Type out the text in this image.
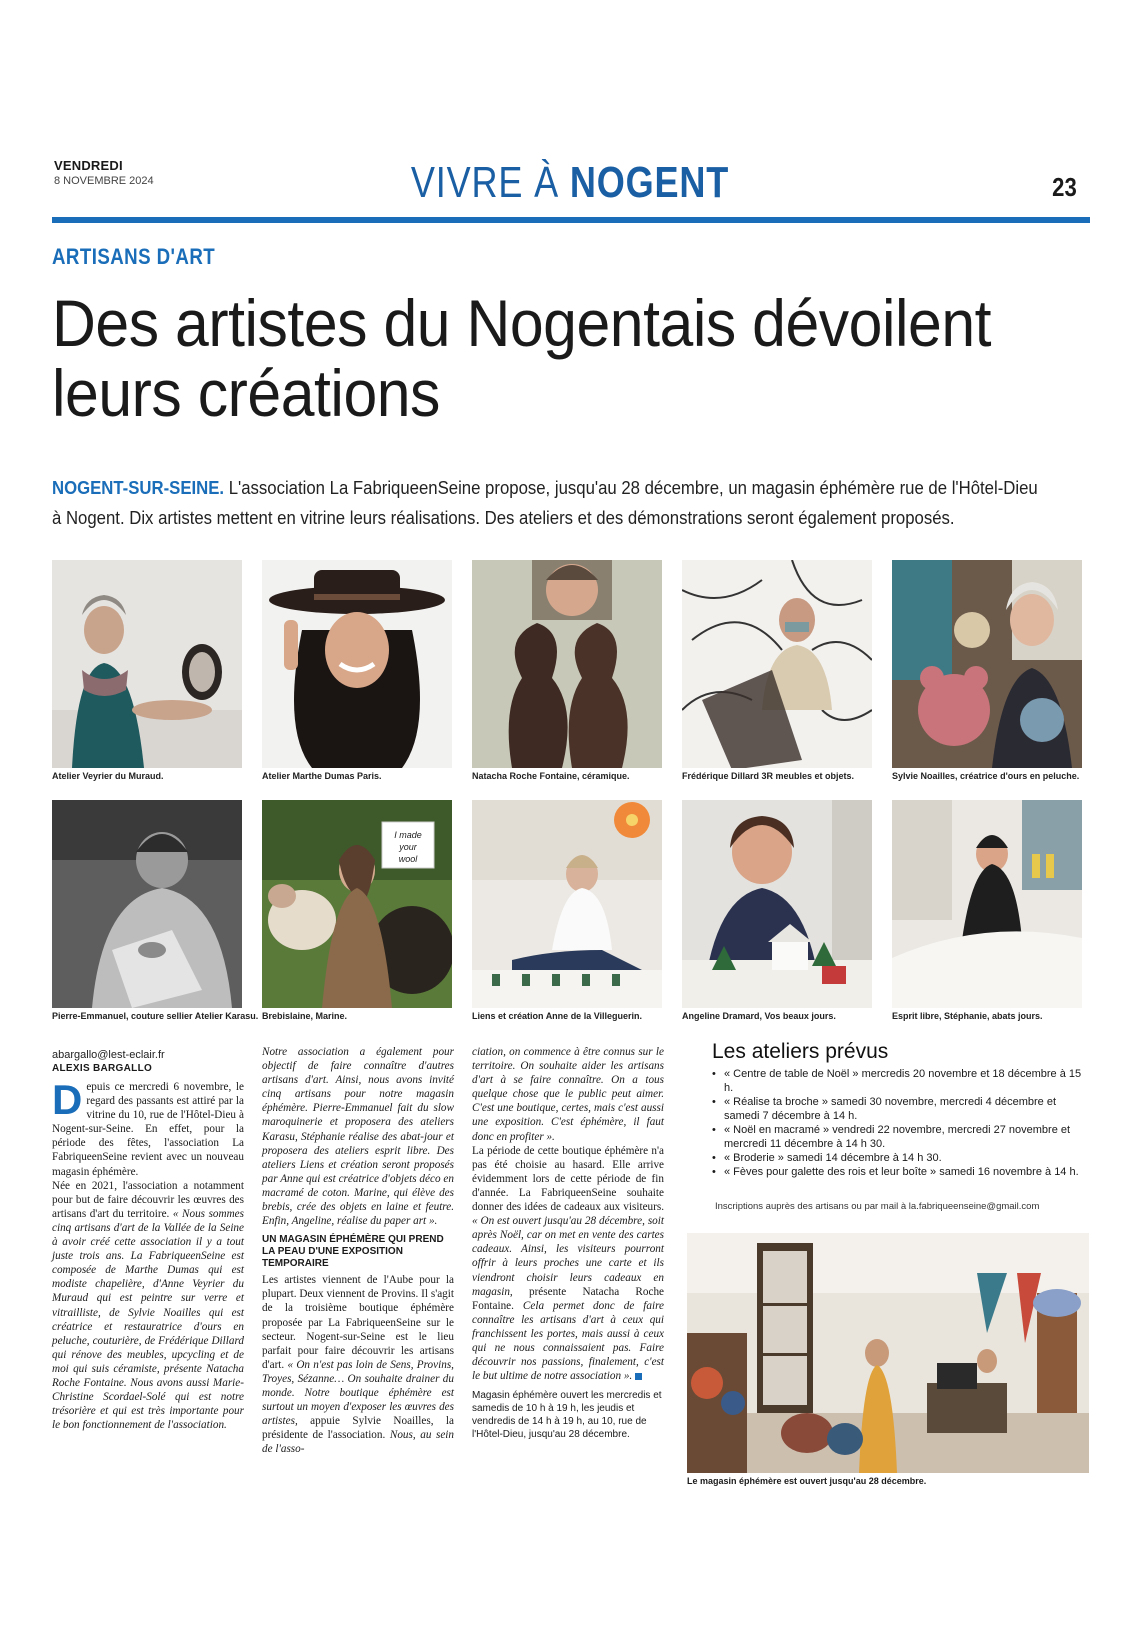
VENDREDI
8 NOVEMBRE 2024	VIVRE À NOGENT	23
ARTISANS D'ART
Des artistes du Nogentais dévoilent leurs créations
NOGENT-SUR-SEINE. L'association La FabriqueenSeine propose, jusqu'au 28 décembre, un magasin éphémère rue de l'Hôtel-Dieu à Nogent. Dix artistes mettent en vitrine leurs réalisations. Des ateliers et des démonstrations seront également proposés.
Atelier Veyrier du Muraud.	Atelier Marthe Dumas Paris.	Natacha Roche Fontaine, céramique.	Frédérique Dillard 3R meubles et objets.	Sylvie Noailles, créatrice d'ours en peluche.
I made
your
wool
Pierre-Emmanuel, couture sellier Atelier Karasu. Brebislaine, Marine.	Liens et création Anne de la Villeguerin.	Angeline Dramard, Vos beaux jours.	Esprit libre, Stéphanie, abats jours.
abargallo@lest-eclair.fr
ALEXIS BARGALLO

Depuis ce mercredi 6 novembre, le regard des passants est attiré par la vitrine du 10, rue de l'Hôtel-Dieu à Nogent-sur-Seine. En effet, pour la période des fêtes, l'association La FabriqueenSeine revient avec un nouveau magasin éphémère.

Née en 2021, l'association a notamment pour but de faire découvrir les œuvres des artisans d'art du territoire. « Nous sommes cinq artisans d'art de la Vallée de la Seine à avoir créé cette association il y a tout juste trois ans. La FabriqueenSeine est composée de Marthe Dumas qui est modiste chapelière, d'Anne Veyrier du Muraud qui est peintre sur verre et vitrailliste, de Sylvie Noailles qui est créatrice et restauratrice d'ours en peluche, couturière, de Frédérique Dillard qui rénove des meubles, upcycling et de moi qui suis céramiste, présente Natacha Roche Fontaine. Nous avons aussi Marie-Christine Scordael-Solé qui est notre trésorière et qui est très importante pour le bon fonctionnement de l'association.

Notre association a également pour objectif de faire connaître d'autres artisans d'art. Ainsi, nous avons invité cinq artisans pour notre magasin éphémère. Pierre-Emmanuel fait du slow maroquinerie et proposera des ateliers Karasu, Stéphanie réalise des abat-jour et proposera des ateliers esprit libre. Des ateliers Liens et création seront proposés par Anne qui est créatrice d'objets déco en macramé de coton. Marine, qui élève des brebis, crée des objets en laine et feutre. Enfin, Angeline, réalise du paper art ».

UN MAGASIN ÉPHÉMÈRE QUI PREND LA PEAU D'UNE EXPOSITION TEMPORAIRE

Les artistes viennent de l'Aube pour la plupart. Deux viennent de Provins. Il s'agit de la troisième boutique éphémère proposée par La FabriqueenSeine sur le secteur. Nogent-sur-Seine est le lieu parfait pour faire découvrir les artisans d'art. « On n'est pas loin de Sens, Provins, Troyes, Sézanne… On souhaite drainer du monde. Notre boutique éphémère est surtout un moyen d'exposer les œuvres des artistes, appuie Sylvie Noailles, la présidente de l'association. Nous, au sein de l'asso-

ciation, on commence à être connus sur le territoire. On souhaite aider les artisans d'art à se faire connaître. On a tous quelque chose que le public peut aimer. C'est une boutique, certes, mais c'est aussi une exposition. C'est éphémère, il faut donc en profiter ».

La période de cette boutique éphémère n'a pas été choisie au hasard. Elle arrive évidemment lors de cette période de fin d'année. La FabriqueenSeine souhaite donner des idées de cadeaux aux visiteurs. « On est ouvert jusqu'au 28 décembre, soit après Noël, car on met en vente des cartes cadeaux. Ainsi, les visiteurs pourront offrir à leurs proches une carte et ils viendront choisir leurs cadeaux en magasin, présente Natacha Roche Fontaine. Cela permet donc de faire connaître les artisans d'art à ceux qui franchissent les portes, mais aussi à ceux qui ne nous connaissaient pas. Faire découvrir nos passions, finalement, c'est le but ultime de notre association ».

Magasin éphémère ouvert les mercredis et samedis de 10 h à 19 h, les jeudis et vendredis de 14 h à 19 h, au 10, rue de l'Hôtel-Dieu, jusqu'au 28 décembre.
Les ateliers prévus
• « Centre de table de Noël » mercredis 20 novembre et 18 décembre à 15 h.
• « Réalise ta broche » samedi 30 novembre, mercredi 4 décembre et samedi 7 décembre à 14 h.
• « Noël en macramé » vendredi 22 novembre, mercredi 27 novembre et mercredi 11 décembre à 14 h 30.
• « Broderie » samedi 14 décembre à 14 h 30.
• « Fèves pour galette des rois et leur boîte » samedi 16 novembre à 14 h.
Inscriptions auprès des artisans ou par mail à la.fabriqueenseine@gmail.com
Le magasin éphémère est ouvert jusqu'au 28 décembre.
